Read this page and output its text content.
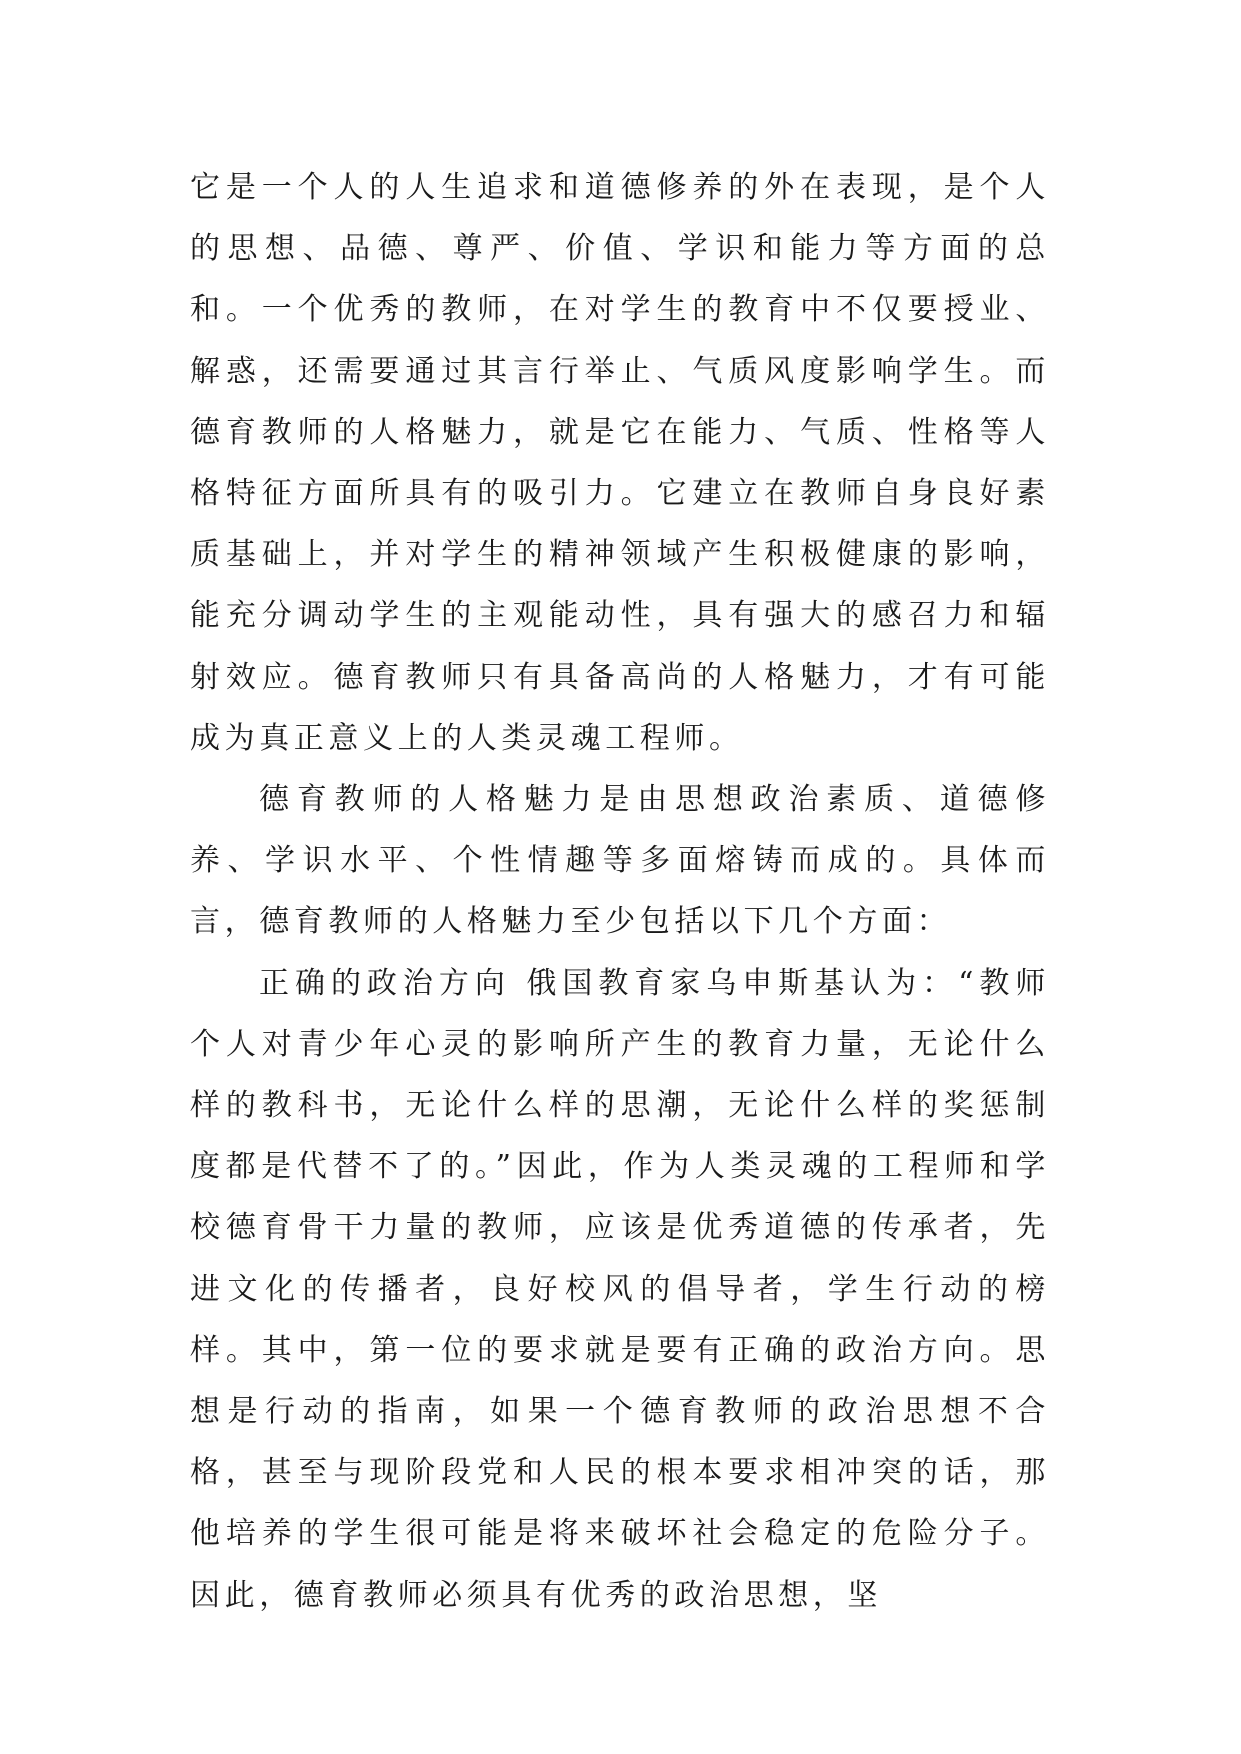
它是一个人的人生追求和道德修养的外在表现，是个人的思想、品德、尊严、价值、学识和能力等方面的总和。一个优秀的教师，在对学生的教育中不仅要授业、解惑，还需要通过其言行举止、气质风度影响学生。而德育教师的人格魅力，就是它在能力、气质、性格等人格特征方面所具有的吸引力。它建立在教师自身良好素质基础上，并对学生的精神领域产生积极健康的影响，能充分调动学生的主观能动性，具有强大的感召力和辐射效应。德育教师只有具备高尚的人格魅力，才有可能成为真正意义上的人类灵魂工程师。

德育教师的人格魅力是由思想政治素质、道德修养、学识水平、个性情趣等多面熔铸而成的。具体而言，德育教师的人格魅力至少包括以下几个方面：

正确的政治方向 俄国教育家乌申斯基认为：“教师个人对青少年心灵的影响所产生的教育力量，无论什么样的教科书，无论什么样的思潮，无论什么样的奖惩制度都是代替不了的。”因此，作为人类灵魂的工程师和学校德育骨干力量的教师，应该是优秀道德的传承者，先进文化的传播者，良好校风的倡导者，学生行动的榜样。其中，第一位的要求就是要有正确的政治方向。思想是行动的指南，如果一个德育教师的政治思想不合格，甚至与现阶段党和人民的根本要求相冲突的话，那他培养的学生很可能是将来破坏社会稳定的危险分子。因此，德育教师必须具有优秀的政治思想，坚
